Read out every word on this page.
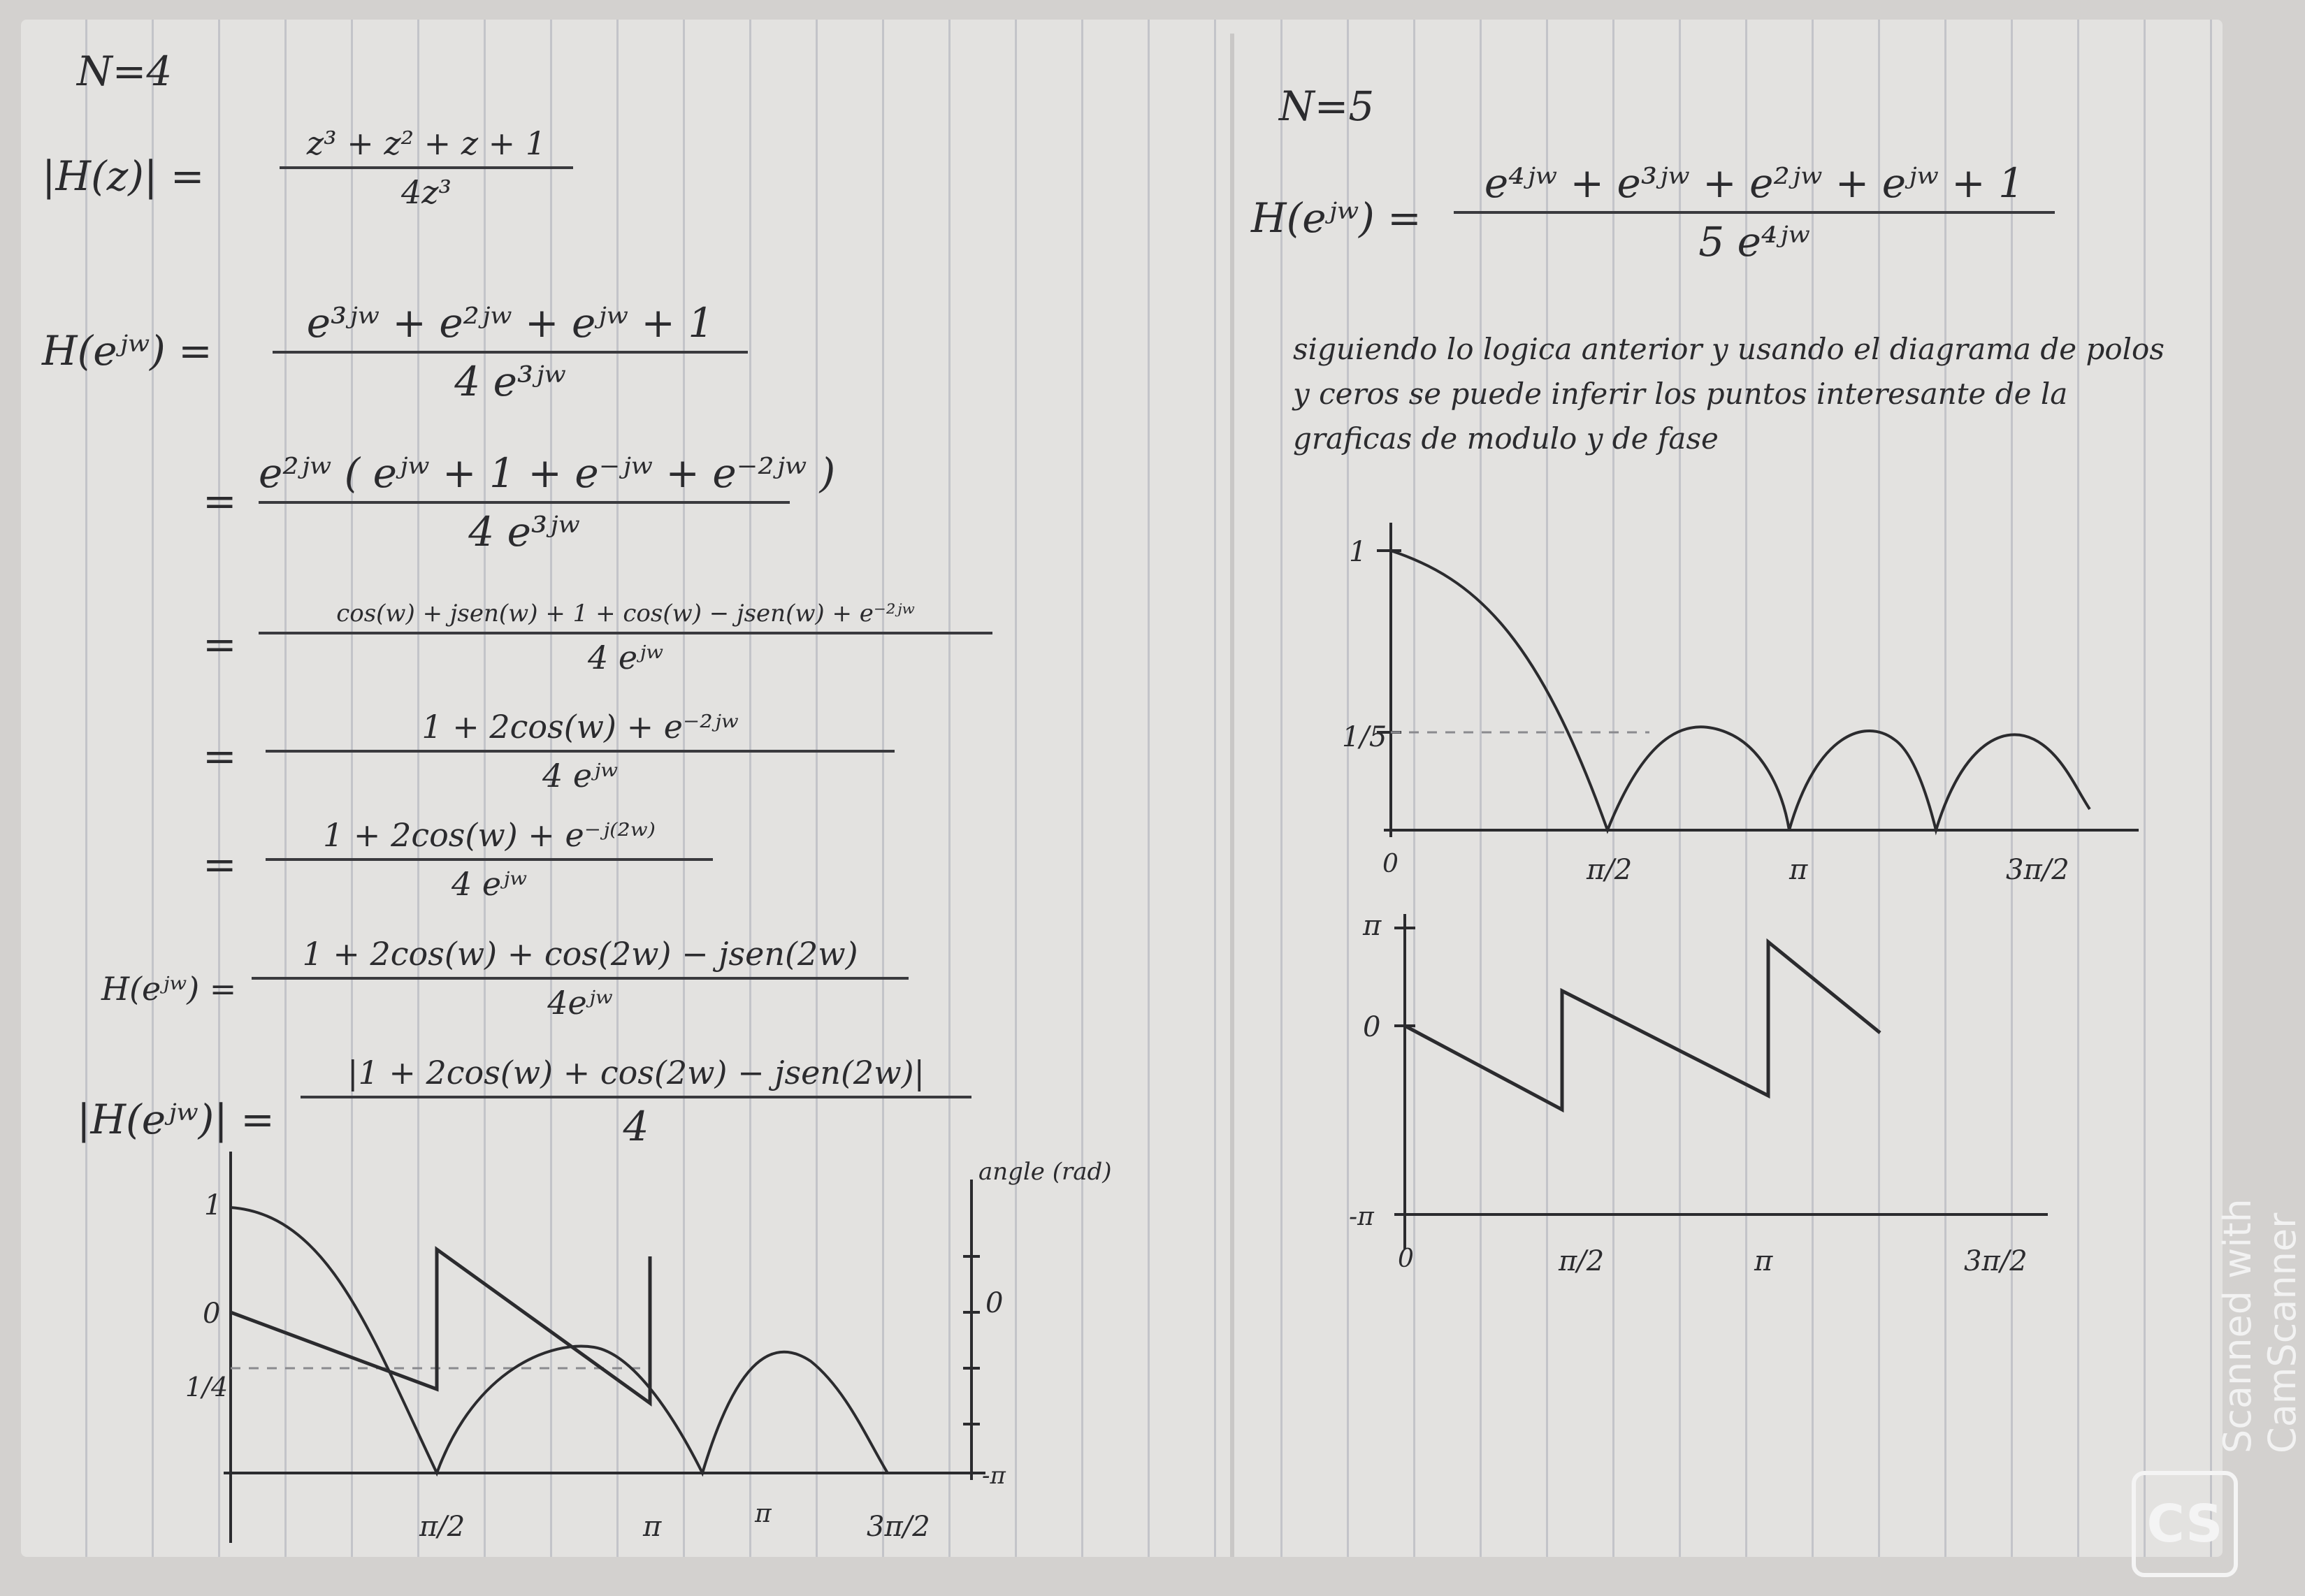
N=4
|H(z)| =
z³ + z² + z + 1
4z³
H(eʲʷ) =
e³ʲʷ + e²ʲʷ + eʲʷ + 1
4 e³ʲʷ
=
e²ʲʷ ( eʲʷ + 1 + e⁻ʲʷ + e⁻²ʲʷ )
4 e³ʲʷ
=
cos(w) + jsen(w) + 1 + cos(w) − jsen(w) + e⁻²ʲʷ
4 eʲʷ
=
1 + 2cos(w) + e⁻²ʲʷ
4 eʲʷ
=
1 + 2cos(w) + e⁻ʲ⁽²ʷ⁾
4 eʲʷ
H(eʲʷ) =
1 + 2cos(w) + cos(2w) − jsen(2w)
4eʲʷ
|H(eʲʷ)| =
|1 + 2cos(w) + cos(2w) − jsen(2w)|
4
1
0
1/4
π/2	π	π	3π/2
angle (rad)
0
-π
N=5
H(eʲʷ) =
e⁴ʲʷ + e³ʲʷ + e²ʲʷ + eʲʷ + 1
5 e⁴ʲʷ
siguiendo lo logica anterior y usando el diagrama de polos y ceros se puede inferir los puntos interesante de la graficas de modulo y de fase
1
1/5
0	π/2	π	3π/2
π
0
-π
0	π/2	π	3π/2	Scanned with CamScanner
CS
